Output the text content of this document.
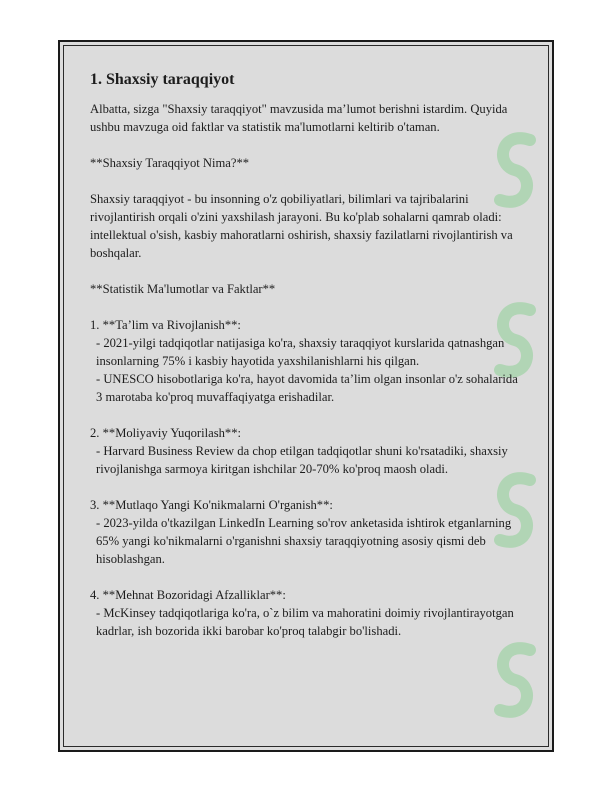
1. Shaxsiy taraqqiyot

Albatta, sizga "Shaxsiy taraqqiyot" mavzusida ma’lumot berishni istardim. Quyida ushbu mavzuga oid faktlar va statistik ma'lumotlarni keltirib o'taman.

**Shaxsiy Taraqqiyot Nima?**

Shaxsiy taraqqiyot - bu insonning o'z qobiliyatlari, bilimlari va tajribalarini rivojlantirish orqali o'zini yaxshilash jarayoni. Bu ko'plab sohalarni qamrab oladi: intellektual o'sish, kasbiy mahoratlarni oshirish, shaxsiy fazilatlarni rivojlantirish va boshqalar.

**Statistik Ma'lumotlar va Faktlar**

1. **Ta’lim va Rivojlanish**:
- 2021-yilgi tadqiqotlar natijasiga ko'ra, shaxsiy taraqqiyot kurslarida qatnashgan insonlarning 75% i kasbiy hayotida yaxshilanishlarni his qilgan.
- UNESCO hisobotlariga ko'ra, hayot davomida ta’lim olgan insonlar o'z sohalarida 3 marotaba ko'proq muvaffaqiyatga erishadilar.
2. **Moliyaviy Yuqorilash**:
- Harvard Business Review da chop etilgan tadqiqotlar shuni ko'rsatadiki, shaxsiy rivojlanishga sarmoya kiritgan ishchilar 20-70% ko'proq maosh oladi.
3. **Mutlaqo Yangi Ko'nikmalarni O'rganish**:
- 2023-yilda o'tkazilgan LinkedIn Learning so'rov anketasida ishtirok etganlarning 65% yangi ko'nikmalarni o'rganishni shaxsiy taraqqiyotning asosiy qismi deb hisoblashgan.
4. **Mehnat Bozoridagi Afzalliklar**:
- McKinsey tadqiqotlariga ko'ra, o`z bilim va mahoratini doimiy rivojlantirayotgan kadrlar, ish bozorida ikki barobar ko'proq talabgir bo'lishadi.
